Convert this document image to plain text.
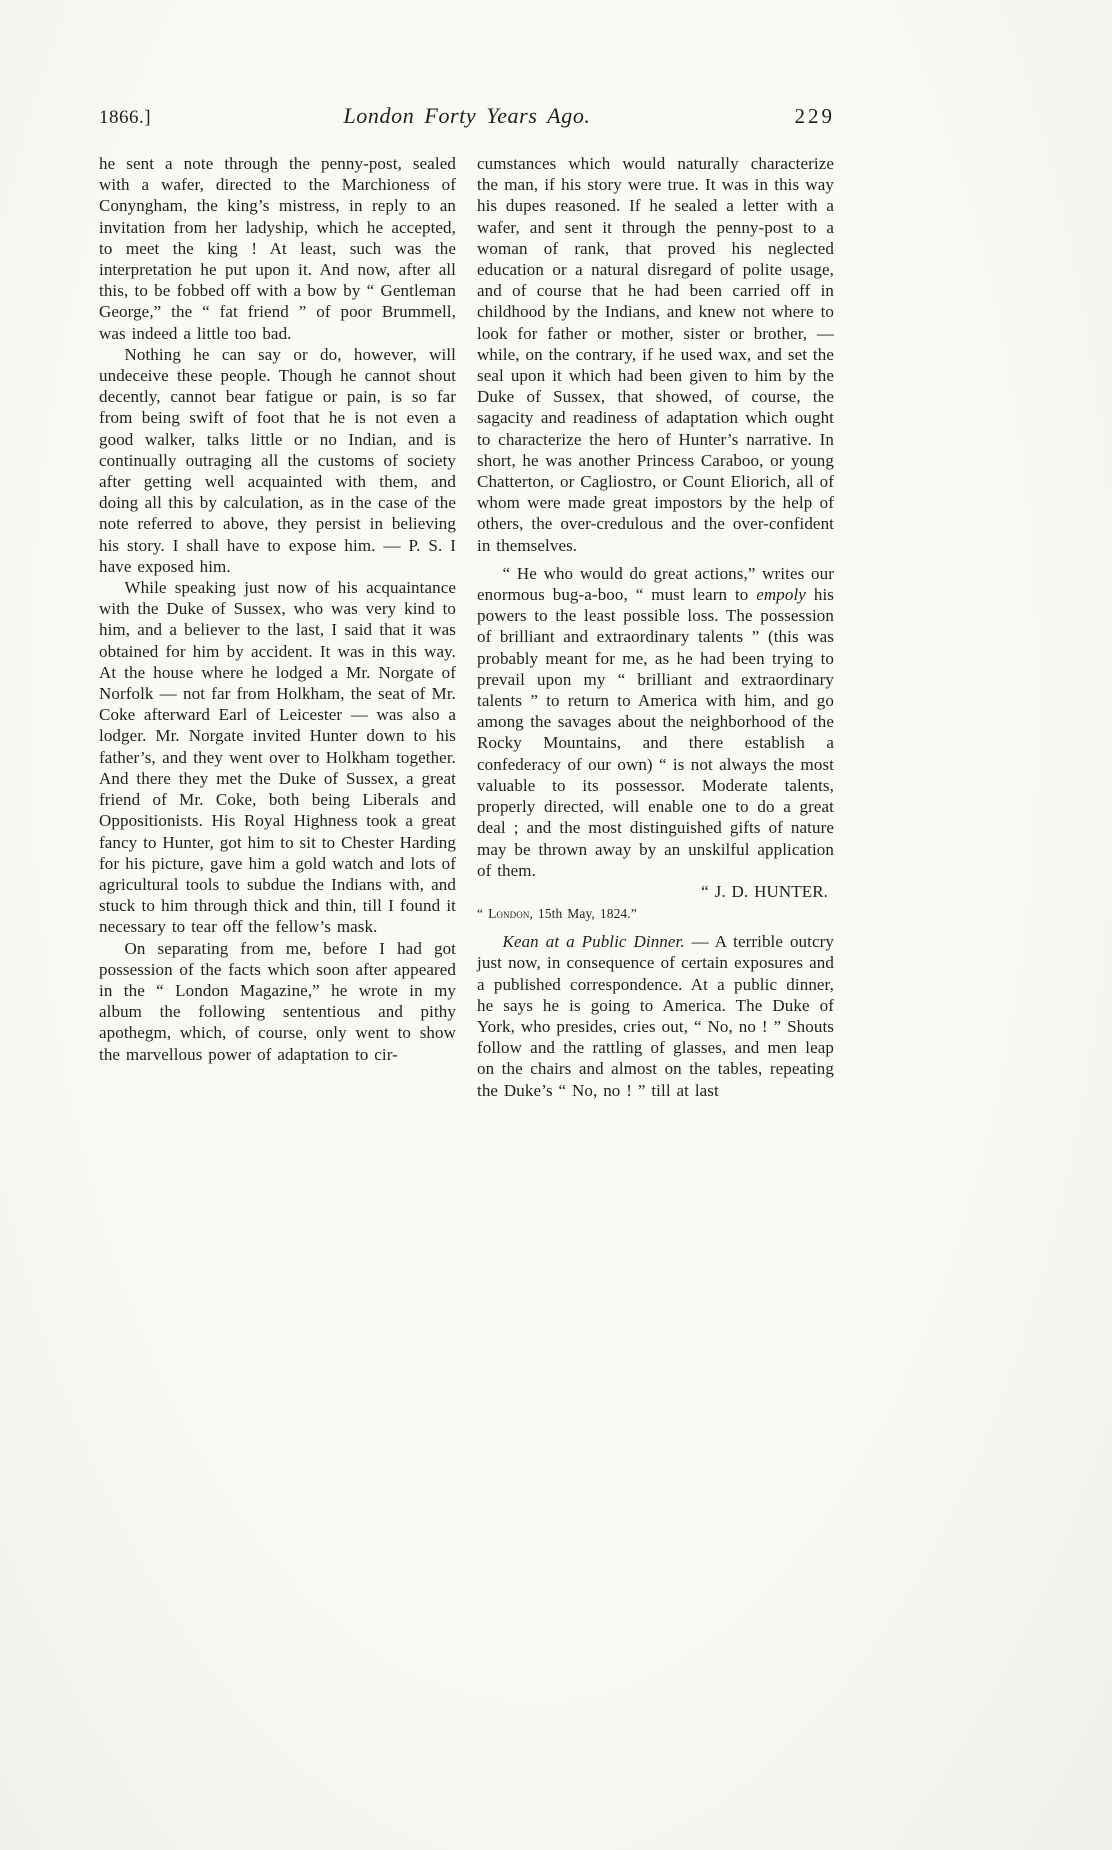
1866.]	London Forty Years Ago.	229

he sent a note through the penny-post, sealed with a wafer, directed to the Marchioness of Conyngham, the king’s mistress, in reply to an invitation from her ladyship, which he accepted, to meet the king ! At least, such was the interpretation he put upon it. And now, after all this, to be fobbed off with a bow by “ Gentleman George,” the “ fat friend ” of poor Brummell, was indeed a little too bad.

Nothing he can say or do, however, will undeceive these people. Though he cannot shout decently, cannot bear fatigue or pain, is so far from being swift of foot that he is not even a good walker, talks little or no Indian, and is continually outraging all the customs of society after getting well acquainted with them, and doing all this by calculation, as in the case of the note referred to above, they persist in believing his story. I shall have to expose him. — P. S. I have exposed him.

While speaking just now of his acquaintance with the Duke of Sussex, who was very kind to him, and a believer to the last, I said that it was obtained for him by accident. It was in this way. At the house where he lodged a Mr. Norgate of Norfolk — not far from Holkham, the seat of Mr. Coke afterward Earl of Leicester — was also a lodger. Mr. Norgate invited Hunter down to his father’s, and they went over to Holkham together. And there they met the Duke of Sussex, a great friend of Mr. Coke, both being Liberals and Oppositionists. His Royal Highness took a great fancy to Hunter, got him to sit to Chester Harding for his picture, gave him a gold watch and lots of agricultural tools to subdue the Indians with, and stuck to him through thick and thin, till I found it necessary to tear off the fellow’s mask.

On separating from me, before I had got possession of the facts which soon after appeared in the “ London Magazine,” he wrote in my album the following sententious and pithy apothegm, which, of course, only went to show the marvellous power of adaptation to cir-

cumstances which would naturally characterize the man, if his story were true. It was in this way his dupes reasoned. If he sealed a letter with a wafer, and sent it through the penny-post to a woman of rank, that proved his neglected education or a natural disregard of polite usage, and of course that he had been carried off in childhood by the Indians, and knew not where to look for father or mother, sister or brother, — while, on the contrary, if he used wax, and set the seal upon it which had been given to him by the Duke of Sussex, that showed, of course, the sagacity and readiness of adaptation which ought to characterize the hero of Hunter’s narrative. In short, he was another Princess Caraboo, or young Chatterton, or Cagliostro, or Count Eliorich, all of whom were made great impostors by the help of others, the over-credulous and the over-confident in themselves.

“ He who would do great actions,” writes our enormous bug-a-boo, “ must learn to empoly his powers to the least possible loss. The possession of brilliant and extraordinary talents ” (this was probably meant for me, as he had been trying to prevail upon my “ brilliant and extraordinary talents ” to return to America with him, and go among the savages about the neighborhood of the Rocky Mountains, and there establish a confederacy of our own) “ is not always the most valuable to its possessor. Moderate talents, properly directed, will enable one to do a great deal ; and the most distinguished gifts of nature may be thrown away by an unskilful application of them.

“ J. D. HUNTER.

“ London, 15th May, 1824.”

Kean at a Public Dinner. — A terrible outcry just now, in consequence of certain exposures and a published correspondence. At a public dinner, he says he is going to America. The Duke of York, who presides, cries out, “ No, no ! ” Shouts follow and the rattling of glasses, and men leap on the chairs and almost on the tables, repeating the Duke’s “ No, no ! ” till at last
